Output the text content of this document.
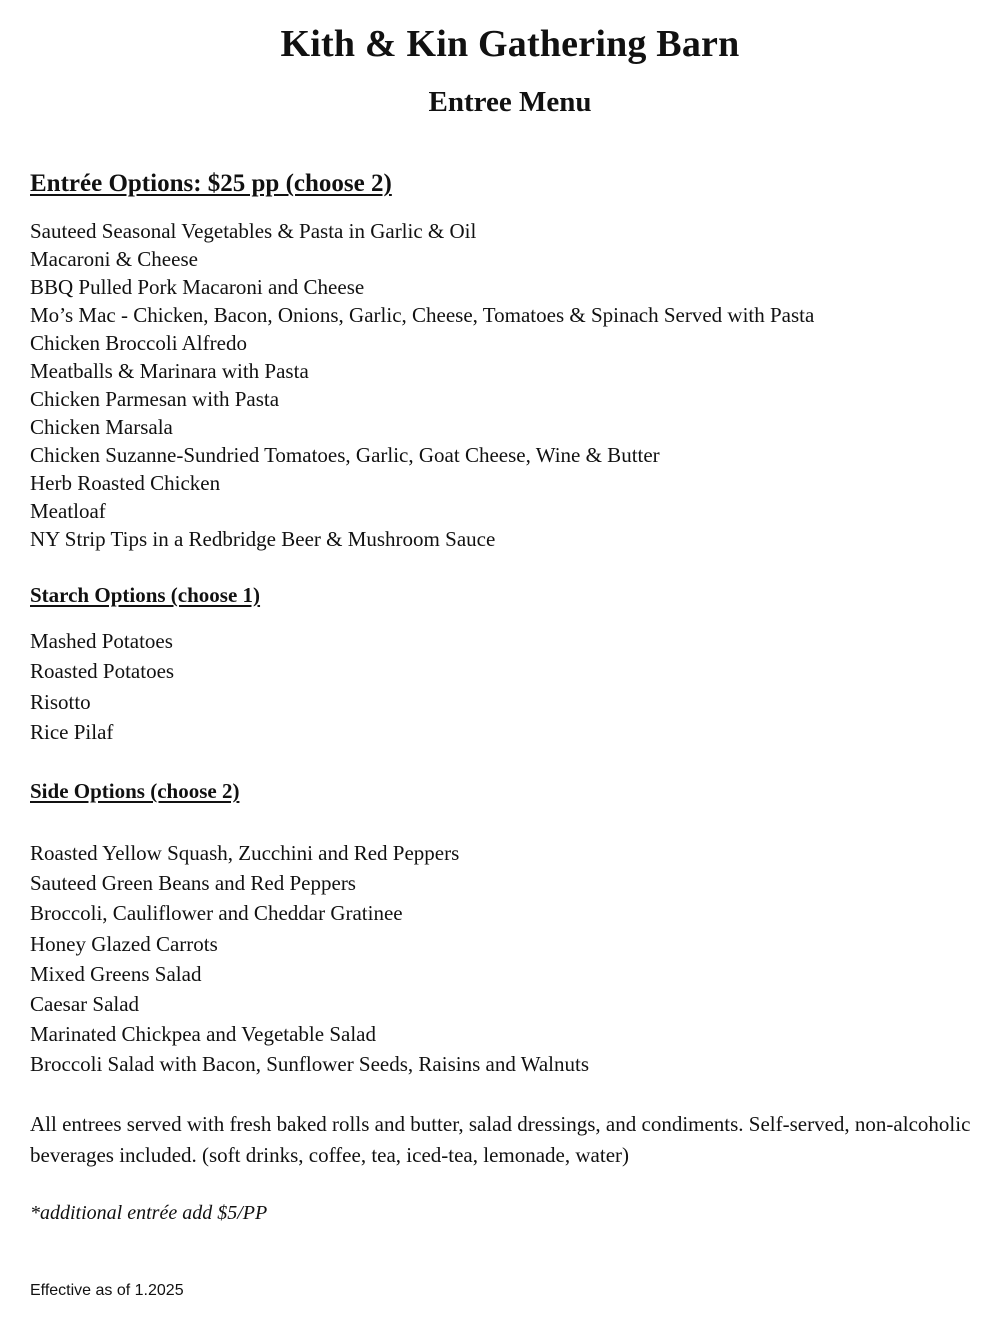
Kith & Kin Gathering Barn
Entree Menu
Entrée Options: $25 pp (choose 2)
Sauteed Seasonal Vegetables & Pasta in Garlic & Oil
Macaroni & Cheese
BBQ Pulled Pork Macaroni and Cheese
Mo’s Mac - Chicken, Bacon, Onions, Garlic, Cheese, Tomatoes & Spinach Served with Pasta
Chicken Broccoli Alfredo
Meatballs & Marinara with Pasta
Chicken Parmesan with Pasta
Chicken Marsala
Chicken Suzanne-Sundried Tomatoes, Garlic, Goat Cheese, Wine & Butter
Herb Roasted Chicken
Meatloaf
NY Strip Tips in a Redbridge Beer & Mushroom Sauce
Starch Options (choose 1)
Mashed Potatoes
Roasted Potatoes
Risotto
Rice Pilaf
Side Options (choose 2)
Roasted Yellow Squash, Zucchini and Red Peppers
Sauteed Green Beans and Red Peppers
Broccoli, Cauliflower and Cheddar Gratinee
Honey Glazed Carrots
Mixed Greens Salad
Caesar Salad
Marinated Chickpea and Vegetable Salad
Broccoli Salad with Bacon, Sunflower Seeds, Raisins and Walnuts

All entrees served with fresh baked rolls and butter, salad dressings, and condiments. Self-served, non-alcoholic beverages included. (soft drinks, coffee, tea, iced-tea, lemonade, water)

*additional entrée add $5/PP

Effective as of 1.2025
